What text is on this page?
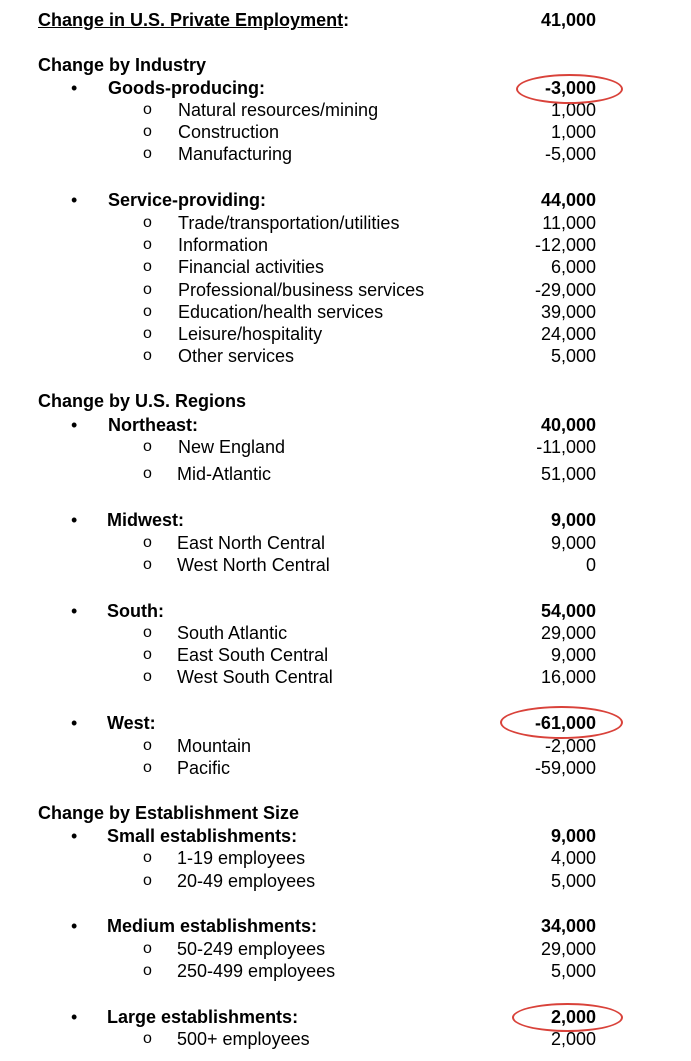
Change in U.S. Private Employment:	41,000
Change by Industry
• Goods-producing:	-3,000
o Natural resources/mining	1,000
o Construction	1,000
o Manufacturing	-5,000
• Service-providing:	44,000
o Trade/transportation/utilities	11,000
o Information	-12,000
o Financial activities	6,000
o Professional/business services	-29,000
o Education/health services	39,000
o Leisure/hospitality	24,000
o Other services	5,000
Change by U.S. Regions
• Northeast:	40,000
o New England	-11,000
o Mid-Atlantic	51,000
• Midwest:	9,000
o East North Central	9,000
o West North Central	0
• South:	54,000
o South Atlantic	29,000
o East South Central	9,000
o West South Central	16,000
• West:	-61,000
o Mountain	-2,000
o Pacific	-59,000
Change by Establishment Size
• Small establishments:	9,000
o 1-19 employees	4,000
o 20-49 employees	5,000
• Medium establishments:	34,000
o 50-249 employees	29,000
o 250-499 employees	5,000
• Large establishments:	2,000
o 500+ employees	2,000
